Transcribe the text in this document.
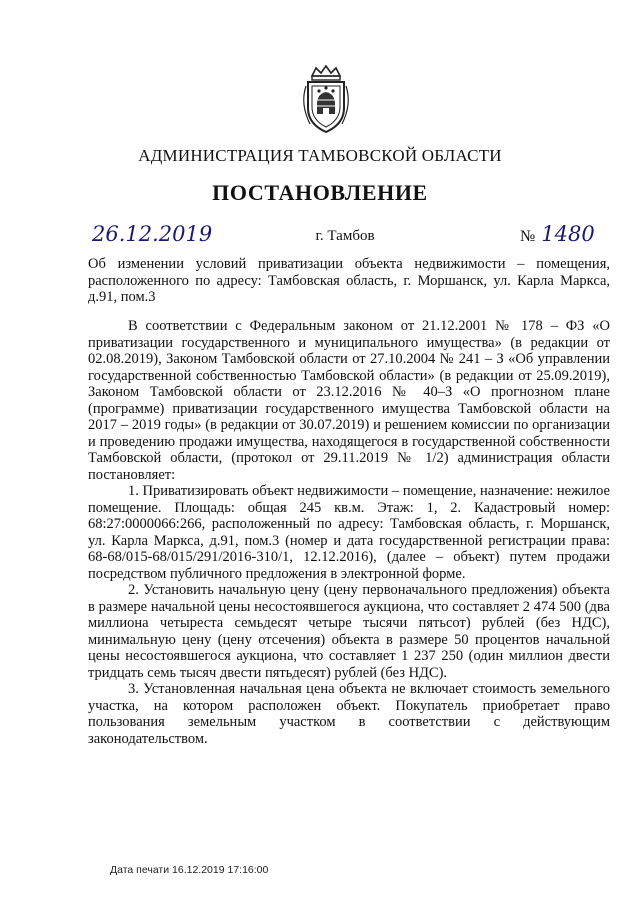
АДМИНИСТРАЦИЯ ТАМБОВСКОЙ ОБЛАСТИ
ПОСТАНОВЛЕНИЕ
26.12.2019	г. Тамбов	№ 1480
Об изменении условий приватизации объекта недвижимости – помещения, расположенного по адресу: Тамбовская область, г. Моршанск, ул. Карла Маркса, д.91, пом.3

В соответствии с Федеральным законом от 21.12.2001 № 178 – ФЗ «О приватизации государственного и муниципального имущества» (в редакции от 02.08.2019), Законом Тамбовской области от 27.10.2004 № 241 – З «Об управлении государственной собственностью Тамбовской области» (в редакции от 25.09.2019), Законом Тамбовской области от 23.12.2016 № 40–З «О прогнозном плане (программе) приватизации государственного имущества Тамбовской области на 2017 – 2019 годы» (в редакции от 30.07.2019) и решением комиссии по организации и проведению продажи имущества, находящегося в государственной собственности Тамбовской области, (протокол от 29.11.2019 № 1/2) администрация области постановляет:

1. Приватизировать объект недвижимости – помещение, назначение: нежилое помещение. Площадь: общая 245 кв.м. Этаж: 1, 2. Кадастровый номер: 68:27:0000066:266, расположенный по адресу: Тамбовская область, г. Моршанск, ул. Карла Маркса, д.91, пом.3 (номер и дата государственной регистрации права: 68-68/015-68/015/291/2016-310/1, 12.12.2016), (далее – объект) путем продажи посредством публичного предложения в электронной форме.

2. Установить начальную цену (цену первоначального предложения) объекта в размере начальной цены несостоявшегося аукциона, что составляет 2 474 500 (два миллиона четыреста семьдесят четыре тысячи пятьсот) рублей (без НДС), минимальную цену (цену отсечения) объекта в размере 50 процентов начальной цены несостоявшегося аукциона, что составляет 1 237 250 (один миллион двести тридцать семь тысяч двести пятьдесят) рублей (без НДС).

3. Установленная начальная цена объекта не включает стоимость земельного участка, на котором расположен объект. Покупатель приобретает право пользования земельным участком в соответствии с действующим законодательством.

Дата печати 16.12.2019 17:16:00
